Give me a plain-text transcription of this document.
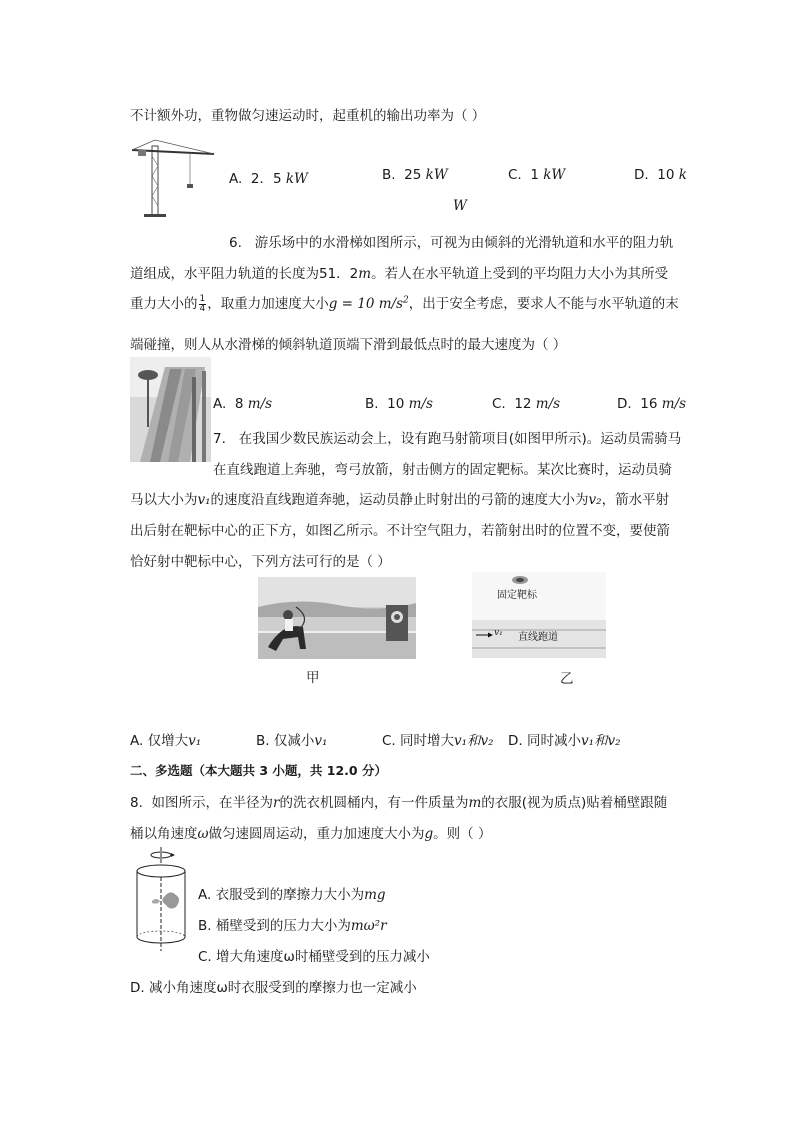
不计额外功，重物做匀速运动时，起重机的输出功率为（ ）
A. 2．5 kW	B. 25 kW	C. 1 kW	D. 10 k
W
6. 游乐场中的水滑梯如图所示，可视为由倾斜的光滑轨道和水平的阻力轨
道组成，水平阻力轨道的长度为51．2m。若人在水平轨道上受到的平均阻力大小为其所受
重力大小的 $\frac{1}{4}$ ，取重力加速度大小g = 10 $m/s^2$，出于安全考虑，要求人不能与水平轨道的末
端碰撞，则人从水滑梯的倾斜轨道顶端下滑到最低点时的最大速度为（ ）
A. 8 m/s	B. 10 m/s	C. 12 m/s	D. 16 m/s
7. 在我国少数民族运动会上，设有跑马射箭项目(如图甲所示)。运动员需骑马
在直线跑道上奔驰，弯弓放箭，射击侧方的固定靶标。某次比赛时，运动员骑
马以大小为v₁的速度沿直线跑道奔驰，运动员静止时射出的弓箭的速度大小为v₂，箭水平射
出后射在靶标中心的正下方，如图乙所示。不计空气阻力，若箭射出时的位置不变，要使箭
恰好射中靶标中心，下列方法可行的是（ ）
固定靶标
v₁ 直线跑道
甲	乙
A. 仅增大v₁	B. 仅减小v₁	C. 同时增大v₁和v₂ D. 同时减小v₁和v₂
二、多选题（本大题共 3 小题，共 12.0 分）
8. 如图所示，在半径为r的洗衣机圆桶内，有一件质量为m的衣服(视为质点)贴着桶壁跟随
桶以角速度ω做匀速圆周运动，重力加速度大小为g。则（ ）
A. 衣服受到的摩擦力大小为mg
B. 桶壁受到的压力大小为mω²r
C. 增大角速度ω时桶壁受到的压力减小
D. 减小角速度ω时衣服受到的摩擦力也一定减小
